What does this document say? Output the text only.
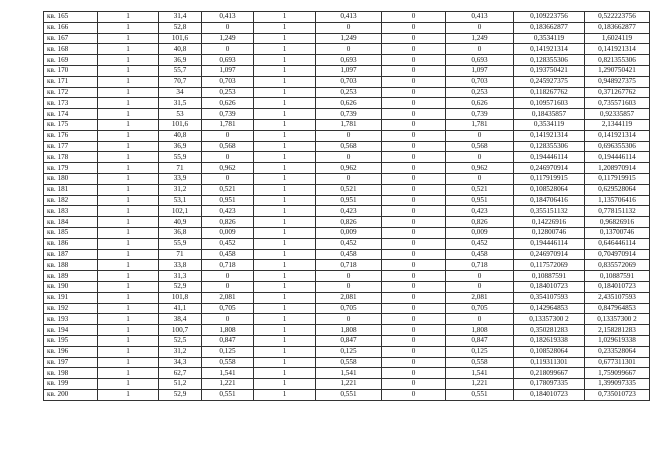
кв. 165	1	31,4	0,413	1	0,413	0	0,413	0,109223756	0,522223756
кв. 166	1	52,8	0	1	0	0	0	0,183662877	0,183662877
кв. 167	1	101,6	1,249	1	1,249	0	1,249	0,3534119	1,6024119
кв. 168	1	40,8	0	1	0	0	0	0,141921314	0,141921314
кв. 169	1	36,9	0,693	1	0,693	0	0,693	0,128355306	0,821355306
кв. 170	1	55,7	1,097	1	1,097	0	1,097	0,193750421	1,290750421
кв. 171	1	70,7	0,703	1	0,703	0	0,703	0,245927375	0,948927375
кв. 172	1	34	0,253	1	0,253	0	0,253	0,118267762	0,371267762
кв. 173	1	31,5	0,626	1	0,626	0	0,626	0,109571603	0,735571603
кв. 174	1	53	0,739	1	0,739	0	0,739	0,18435857	0,92335857
кв. 175	1	101,6	1,781	1	1,781	0	1,781	0,3534119	2,1344119
кв. 176	1	40,8	0	1	0	0	0	0,141921314	0,141921314
кв. 177	1	36,9	0,568	1	0,568	0	0,568	0,128355306	0,696355306
кв. 178	1	55,9	0	1	0	0	0	0,194446114	0,194446114
кв. 179	1	71	0,962	1	0,962	0	0,962	0,246970914	1,208970914
кв. 180	1	33,9	0	1	0	0	0	0,117919915	0,117919915
кв. 181	1	31,2	0,521	1	0,521	0	0,521	0,108528064	0,629528064
кв. 182	1	53,1	0,951	1	0,951	0	0,951	0,184706416	1,135706416
кв. 183	1	102,1	0,423	1	0,423	0	0,423	0,355151132	0,778151132
кв. 184	1	40,9	0,826	1	0,826	0	0,826	0,14226916	0,96826916
кв. 185	1	36,8	0,009	1	0,009	0	0,009	0,12800746	0,13700746
кв. 186	1	55,9	0,452	1	0,452	0	0,452	0,194446114	0,646446114
кв. 187	1	71	0,458	1	0,458	0	0,458	0,246970914	0,704970914
кв. 188	1	33,8	0,718	1	0,718	0	0,718	0,117572069	0,835572069
кв. 189	1	31,3	0	1	0	0	0	0,10887591	0,10887591
кв. 190	1	52,9	0	1	0	0	0	0,184010723	0,184010723
кв. 191	1	101,8	2,081	1	2,081	0	2,081	0,354107593	2,435107593
кв. 192	1	41,1	0,705	1	0,705	0	0,705	0,142964853	0,847964853
кв. 193	1	38,4	0	1	0	0	0	0,13357300 2	0,13357300 2
кв. 194	1	100,7	1,808	1	1,808	0	1,808	0,350281283	2,158281283
кв. 195	1	52,5	0,847	1	0,847	0	0,847	0,182619338	1,029619338
кв. 196	1	31,2	0,125	1	0,125	0	0,125	0,108528064	0,233528064
кв. 197	1	34,3	0,558	1	0,558	0	0,558	0,119311301	0,677311301
кв. 198	1	62,7	1,541	1	1,541	0	1,541	0,218099667	1,759099667
кв. 199	1	51,2	1,221	1	1,221	0	1,221	0,178097335	1,399097335
кв. 200	1	52,9	0,551	1	0,551	0	0,551	0,184010723	0,735010723
